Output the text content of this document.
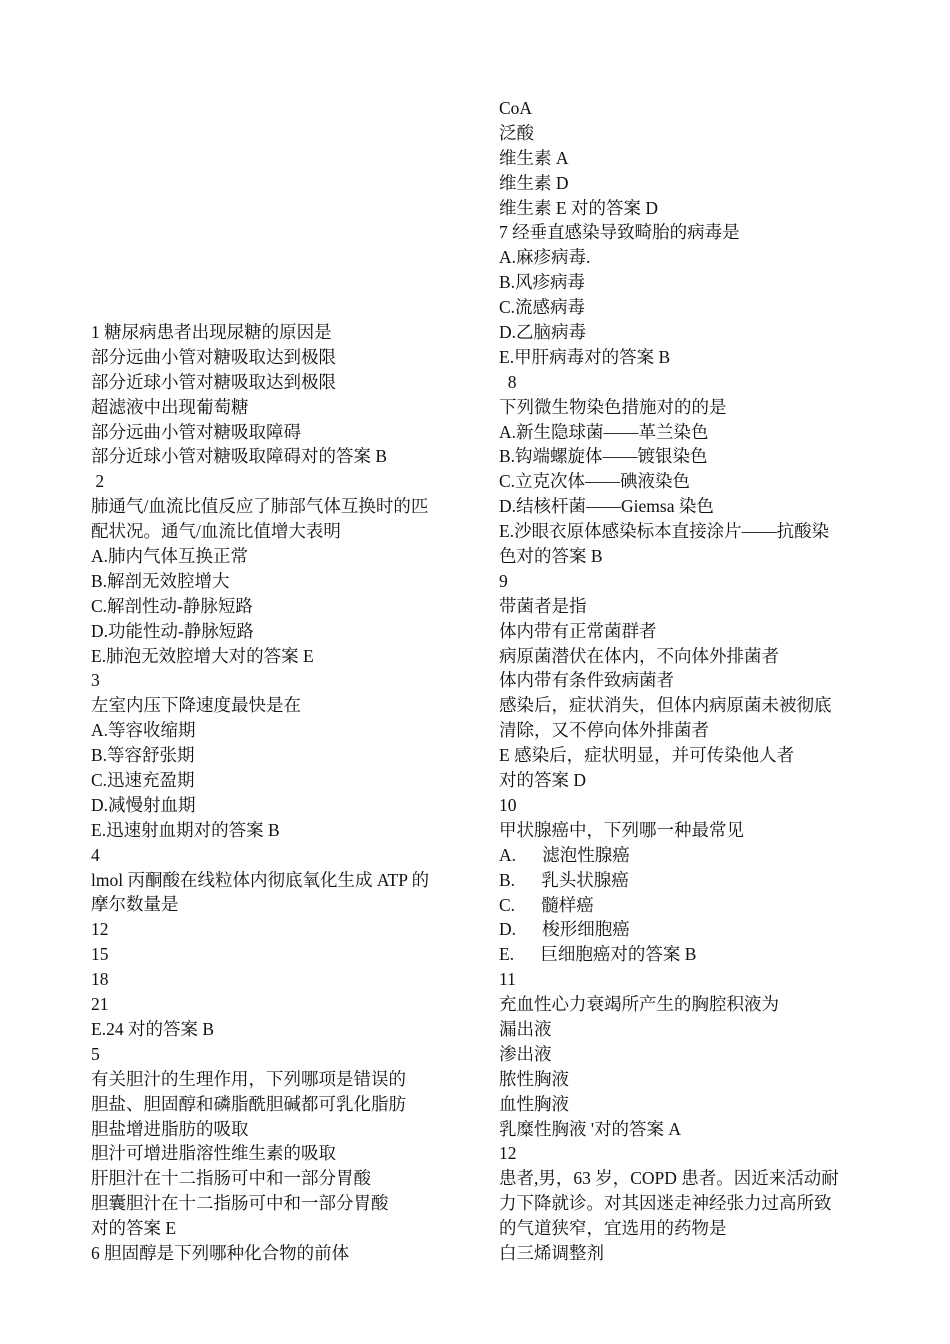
1 糖尿病患者出现尿糖的原因是
部分远曲小管对糖吸取达到极限
部分近球小管对糖吸取达到极限
超滤液中出现葡萄糖
部分远曲小管对糖吸取障碍
部分近球小管对糖吸取障碍对的答案 B
2
肺通气/血流比值反应了肺部气体互换时的匹
配状况。通气/血流比值增大表明
A.肺内气体互换正常
B.解剖无效腔增大
C.解剖性动-静脉短路
D.功能性动-静脉短路
E.肺泡无效腔增大对的答案 E
3
左室内压下降速度最快是在
A.等容收缩期
B.等容舒张期
C.迅速充盈期
D.减慢射血期
E.迅速射血期对的答案 B
4
lmol 丙酮酸在线粒体内彻底氧化生成 ATP 的
摩尔数量是
12
15
18
21
E.24 对的答案 B
5
有关胆汁的生理作用，下列哪项是错误的
胆盐、胆固醇和磷脂酰胆碱都可乳化脂肪
胆盐增进脂肪的吸取
胆汁可增进脂溶性维生素的吸取
肝胆汁在十二指肠可中和一部分胃酸
胆囊胆汁在十二指肠可中和一部分胃酸
对的答案 E
6 胆固醇是下列哪种化合物的前体
CoA
泛酸
维生素 A
维生素 D
维生素 E 对的答案 D
7 经垂直感染导致畸胎的病毒是
A.麻疹病毒.
B.风疹病毒
C.流感病毒
D.乙脑病毒
E.甲肝病毒对的答案 B
8
下列微生物染色措施对的的是
A.新生隐球菌——革兰染色
B.钩端螺旋体——镀银染色
C.立克次体——碘液染色
D.结核杆菌——Giemsa 染色
E.沙眼衣原体感染标本直接涂片——抗酸染
色对的答案 B
9
带菌者是指
体内带有正常菌群者
病原菌潜伏在体内，不向体外排菌者
体内带有条件致病菌者
感染后，症状消失，但体内病原菌未被彻底
清除，又不停向体外排菌者
E 感染后，症状明显，并可传染他人者
对的答案 D
10
甲状腺癌中，下列哪一种最常见
A.      滤泡性腺癌
B.      乳头状腺癌
C.      髓样癌
D.      梭形细胞癌
E.      巨细胞癌对的答案 B
11
充血性心力衰竭所产生的胸腔积液为
漏出液
渗出液
脓性胸液
血性胸液
乳糜性胸液 '对的答案 A
12
患者,男，63 岁，COPD 患者。因近来活动耐
力下降就诊。对其因迷走神经张力过高所致
的气道狭窄，宜选用的药物是
白三烯调整剂
